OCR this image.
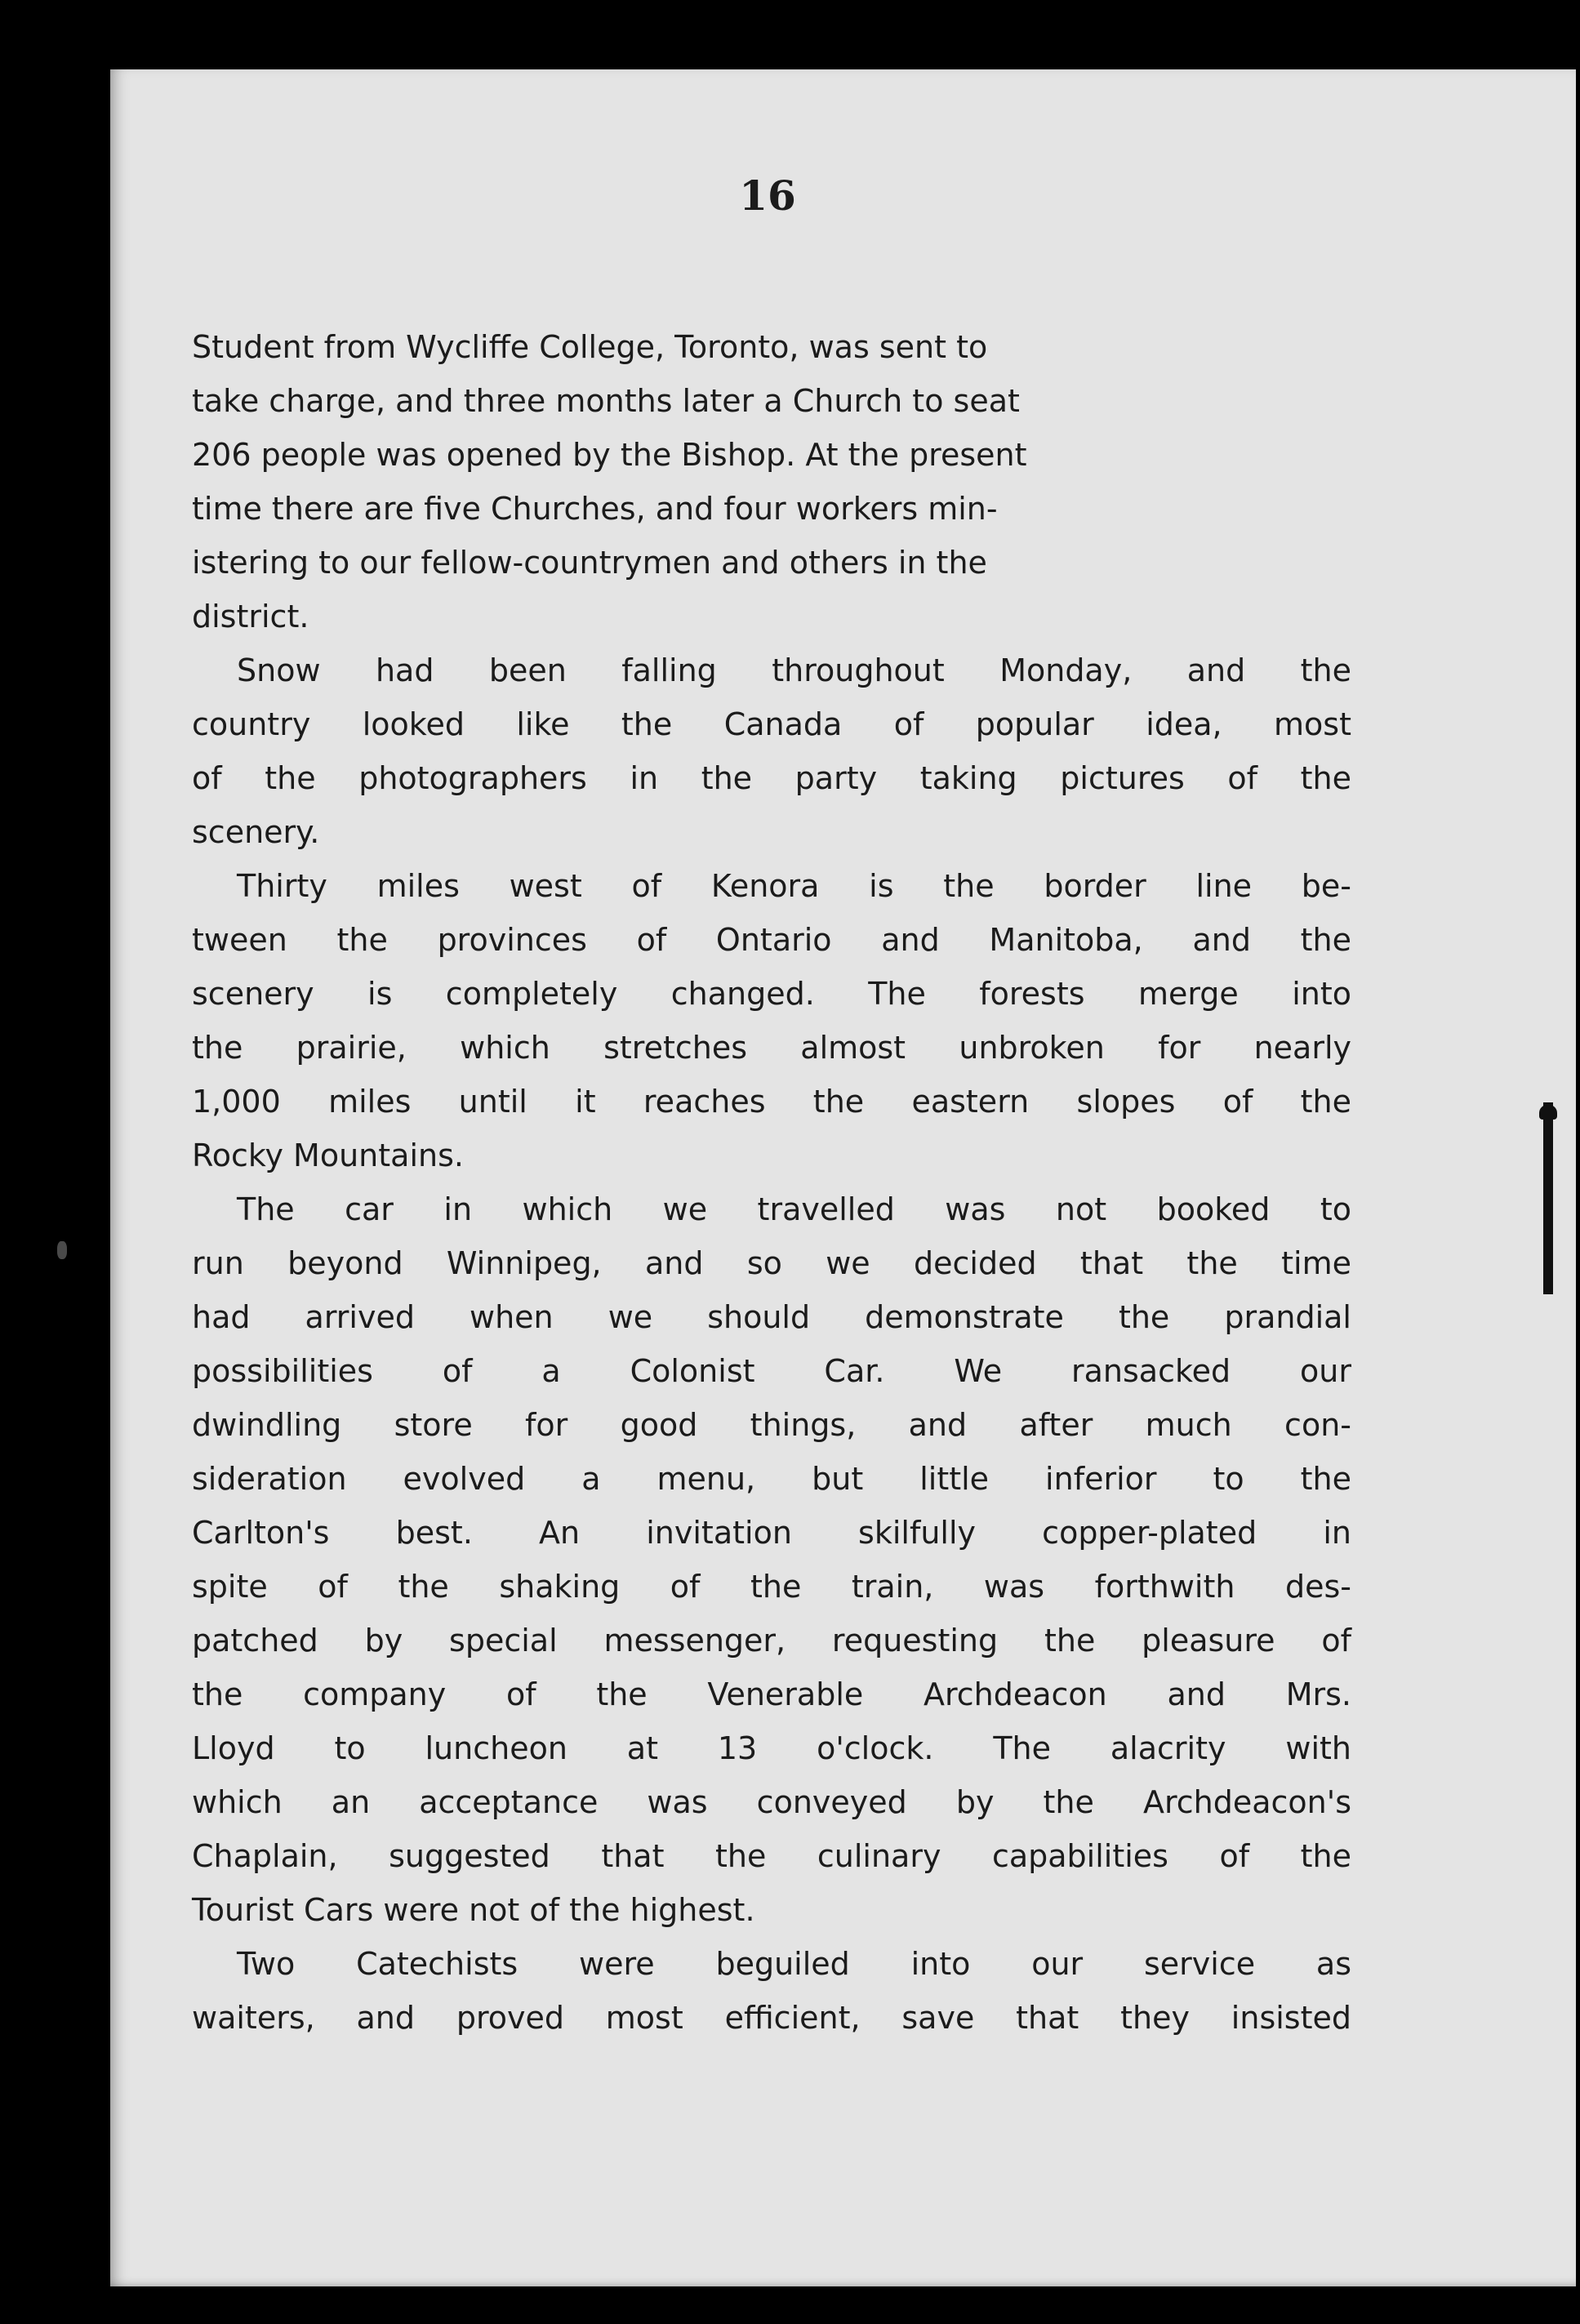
16

Student from Wycliffe College, Toronto, was sent to
take charge, and three months later a Church to seat
206 people was opened by the Bishop. At the present
time there are five Churches, and four workers min-
istering to our fellow-countrymen and others in the
district.

Snow had been falling throughout Monday, and the
country looked like the Canada of popular idea, most
of the photographers in the party taking pictures of the
scenery.

Thirty miles west of Kenora is the border line be-
tween the provinces of Ontario and Manitoba, and the
scenery is completely changed. The forests merge into
the prairie, which stretches almost unbroken for nearly
1,000 miles until it reaches the eastern slopes of the
Rocky Mountains.

The car in which we travelled was not booked to
run beyond Winnipeg, and so we decided that the time
had arrived when we should demonstrate the prandial
possibilities of a Colonist Car. We ransacked our
dwindling store for good things, and after much con-
sideration evolved a menu, but little inferior to the
Carlton's best. An invitation skilfully copper-plated in
spite of the shaking of the train, was forthwith des-
patched by special messenger, requesting the pleasure of
the company of the Venerable Archdeacon and Mrs.
Lloyd to luncheon at 13 o'clock. The alacrity with
which an acceptance was conveyed by the Archdeacon's
Chaplain, suggested that the culinary capabilities of the
Tourist Cars were not of the highest.

Two Catechists were beguiled into our service as
waiters, and proved most efficient, save that they insisted
